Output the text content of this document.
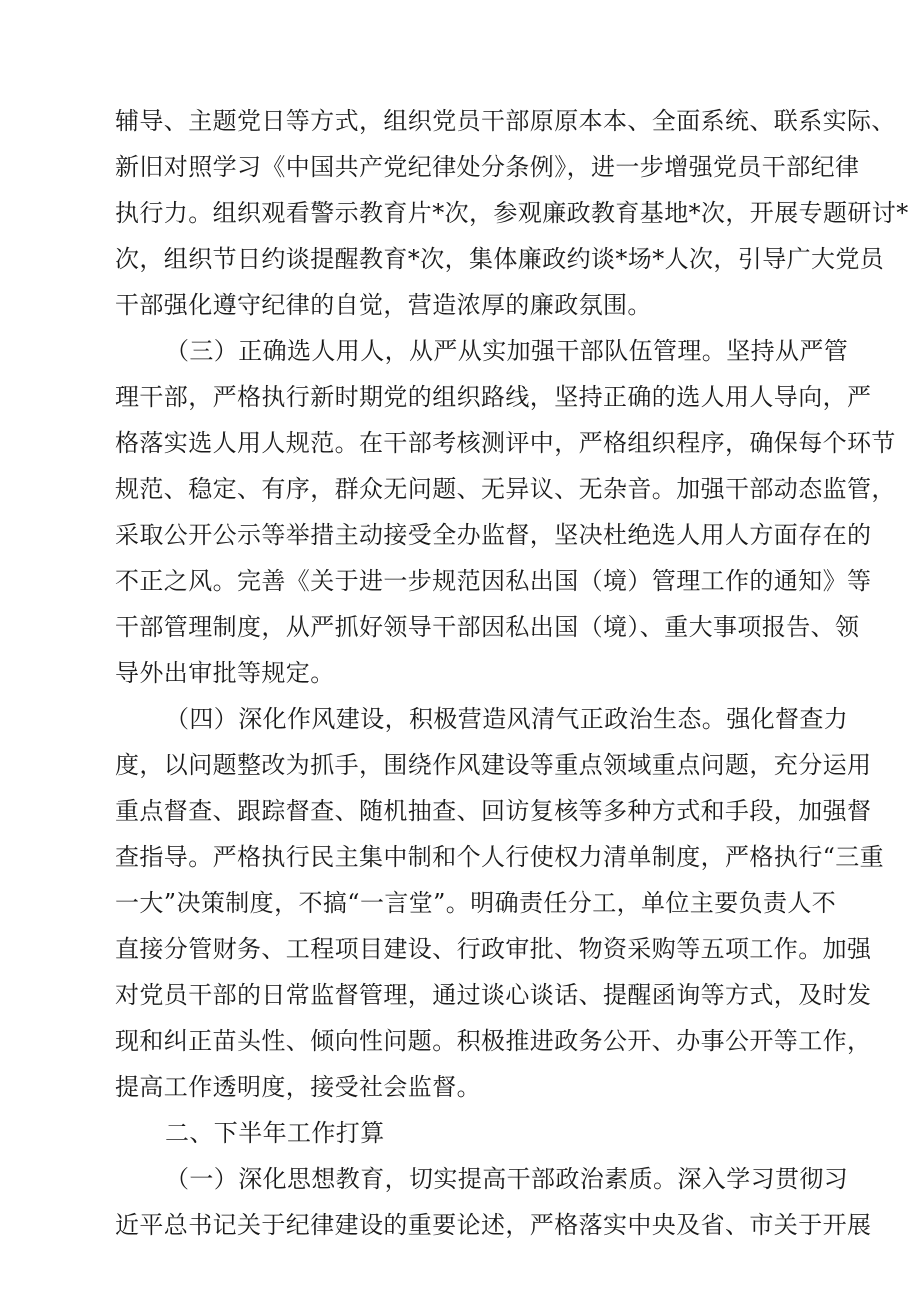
辅导、主题党日等方式，组织党员干部原原本本、全面系统、联系实际、
新旧对照学习《中国共产党纪律处分条例》，进一步增强党员干部纪律
执行力。组织观看警示教育片*次，参观廉政教育基地*次，开展专题研讨*
次，组织节日约谈提醒教育*次，集体廉政约谈*场*人次，引导广大党员
干部强化遵守纪律的自觉，营造浓厚的廉政氛围。
（三）正确选人用人，从严从实加强干部队伍管理。坚持从严管
理干部，严格执行新时期党的组织路线，坚持正确的选人用人导向，严
格落实选人用人规范。在干部考核测评中，严格组织程序，确保每个环节
规范、稳定、有序，群众无问题、无异议、无杂音。加强干部动态监管，
采取公开公示等举措主动接受全办监督，坚决杜绝选人用人方面存在的
不正之风。完善《关于进一步规范因私出国（境）管理工作的通知》等
干部管理制度，从严抓好领导干部因私出国（境）、重大事项报告、领
导外出审批等规定。
（四）深化作风建设，积极营造风清气正政治生态。强化督查力
度，以问题整改为抓手，围绕作风建设等重点领域重点问题，充分运用
重点督查、跟踪督查、随机抽查、回访复核等多种方式和手段，加强督
查指导。严格执行民主集中制和个人行使权力清单制度，严格执行“三重
一大”决策制度，不搞“一言堂”。明确责任分工，单位主要负责人不
直接分管财务、工程项目建设、行政审批、物资采购等五项工作。加强
对党员干部的日常监督管理，通过谈心谈话、提醒函询等方式，及时发
现和纠正苗头性、倾向性问题。积极推进政务公开、办事公开等工作，
提高工作透明度，接受社会监督。
二、下半年工作打算
（一）深化思想教育，切实提高干部政治素质。深入学习贯彻习
近平总书记关于纪律建设的重要论述，严格落实中央及省、市关于开展
